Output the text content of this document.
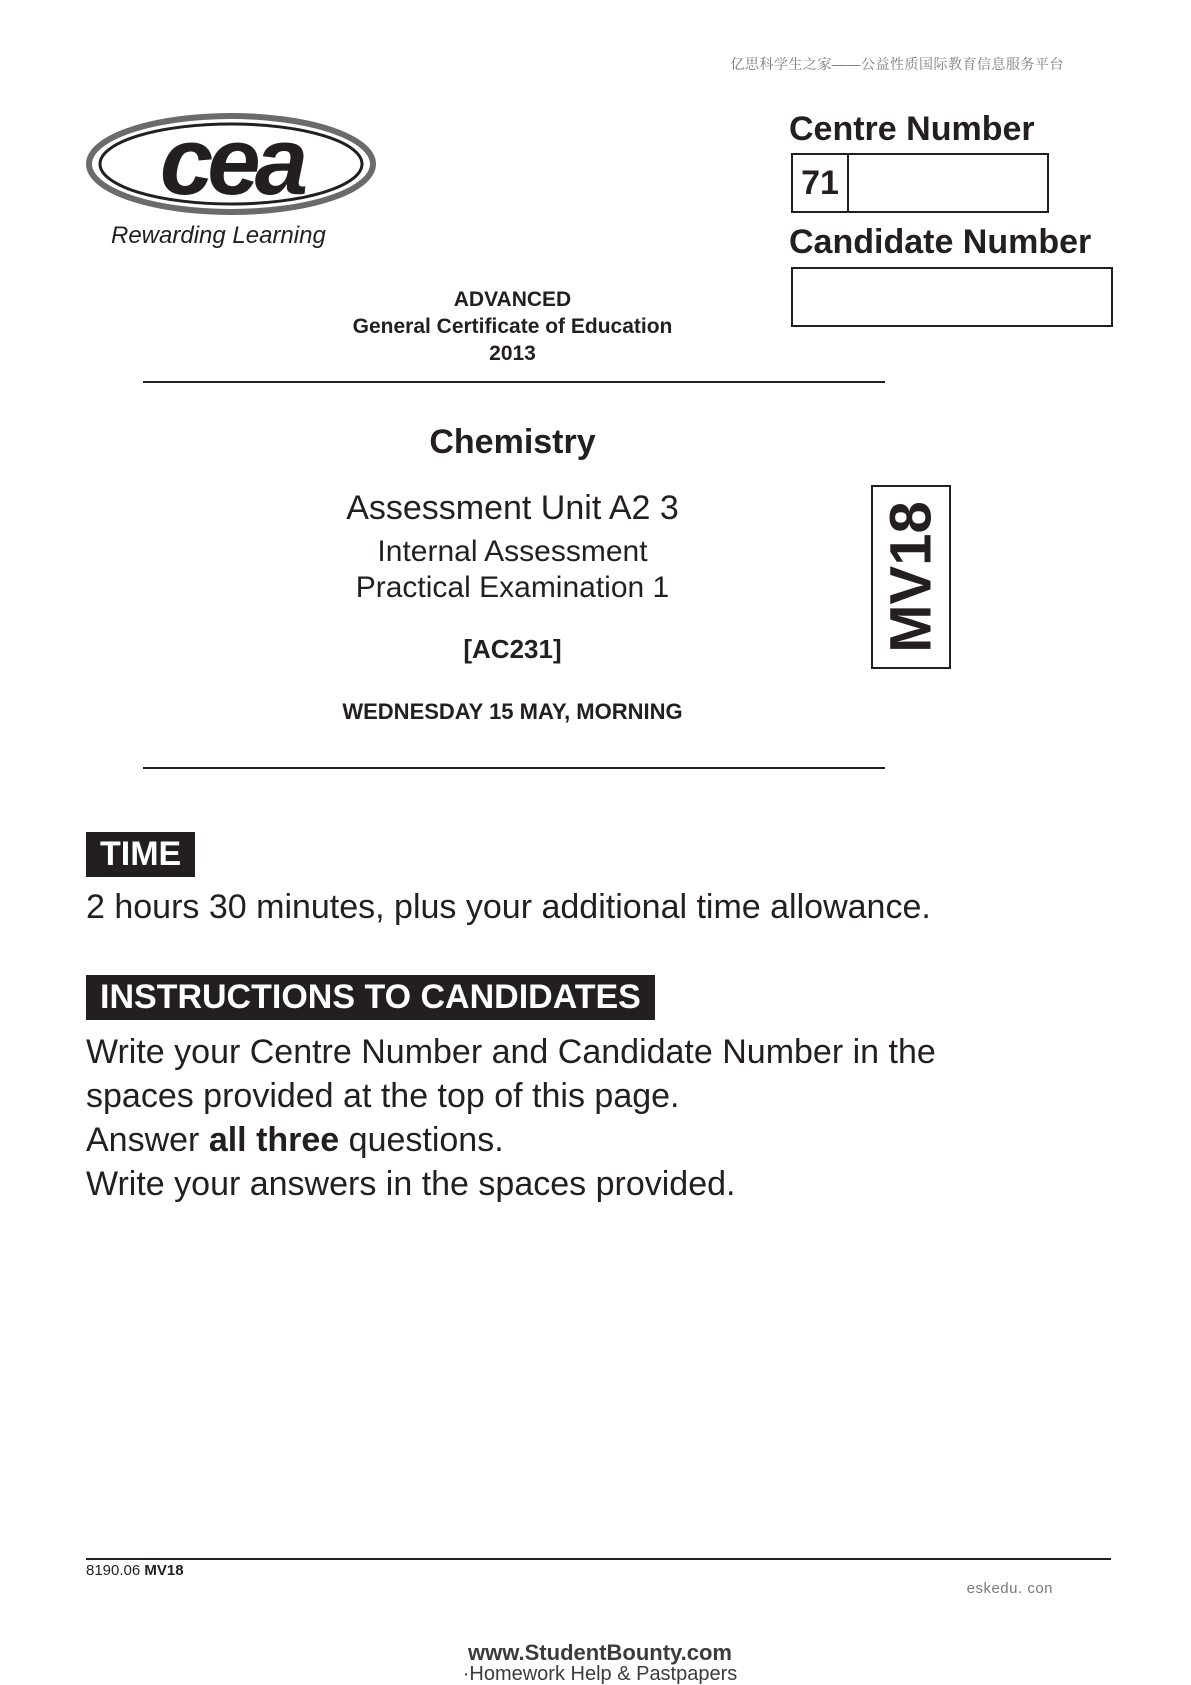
亿思科学生之家——公益性质国际教育信息服务平台
cea
Rewarding Learning
Centre Number
71
Candidate Number
ADVANCED
General Certificate of Education
2013
Chemistry
Assessment Unit A2 3
Internal Assessment
Practical Examination 1
[AC231]
WEDNESDAY 15 MAY, MORNING
MV18
TIME
2 hours 30 minutes, plus your additional time allowance.
INSTRUCTIONS TO CANDIDATES
Write your Centre Number and Candidate Number in the
spaces provided at the top of this page.
Answer all three questions.
Write your answers in the spaces provided.
8190.06 MV18
eskedu. con
www.StudentBounty.com
·Homework Help & Pastpapers
